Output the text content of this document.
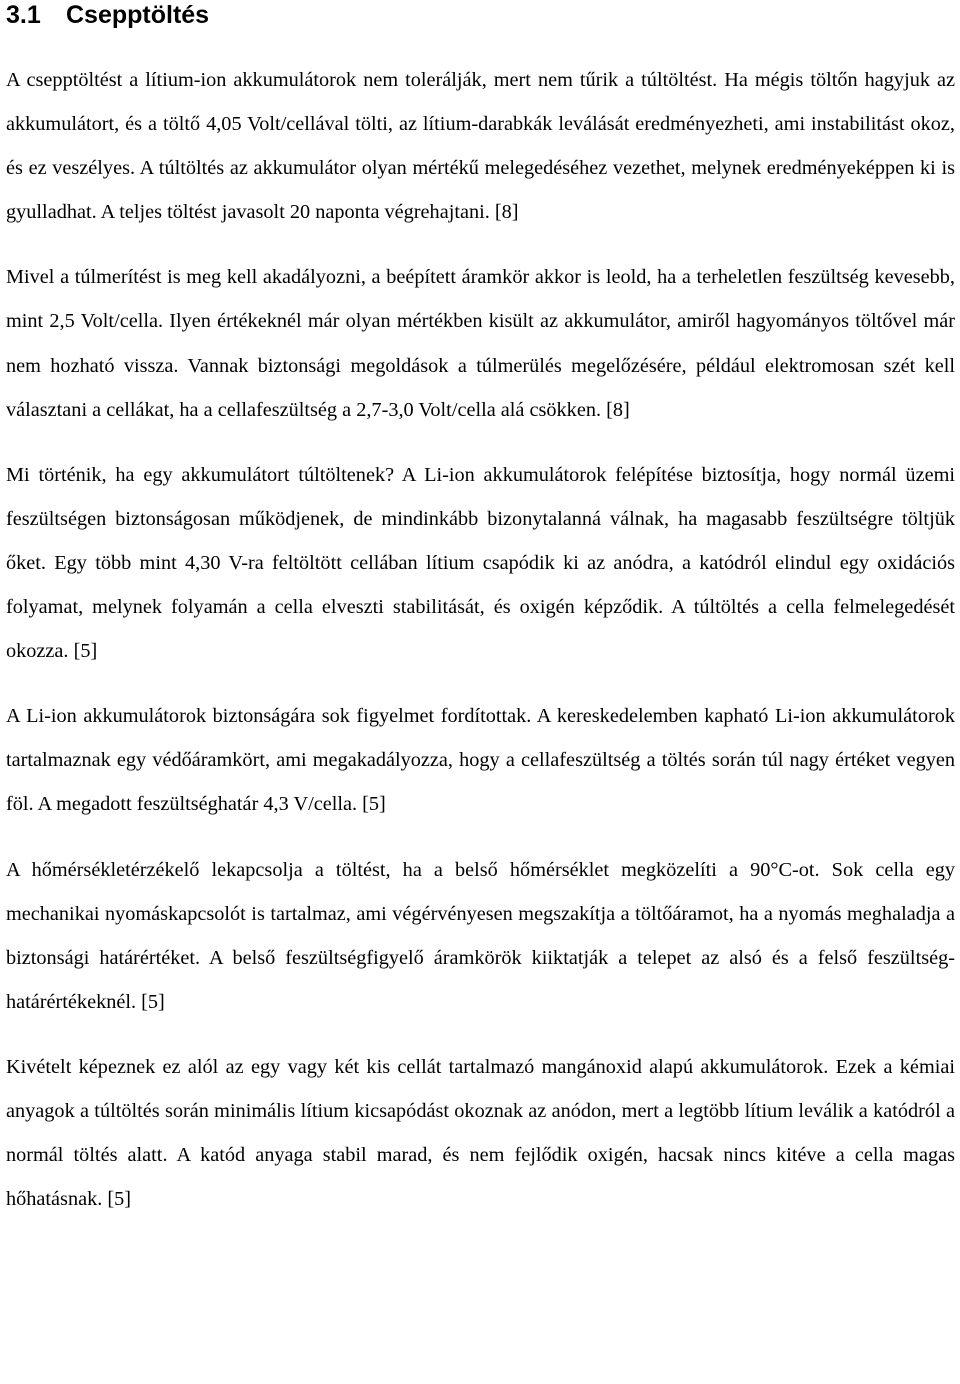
3.1	Csepptöltés

A csepptöltést a lítium-ion akkumulátorok nem tolerálják, mert nem tűrik a túltöltést. Ha mégis töltőn hagyjuk az akkumulátort, és a töltő 4,05 Volt/cellával tölti, az lítium-darabkák leválását eredményezheti, ami instabilitást okoz, és ez veszélyes. A túltöltés az akkumulátor olyan mértékű melegedéséhez vezethet, melynek eredményeképpen ki is gyulladhat. A teljes töltést javasolt 20 naponta végrehajtani. [8]

Mivel a túlmerítést is meg kell akadályozni, a beépített áramkör akkor is leold, ha a terheletlen feszültség kevesebb, mint 2,5 Volt/cella. Ilyen értékeknél már olyan mértékben kisült az akkumulátor, amiről hagyományos töltővel már nem hozható vissza. Vannak biztonsági megoldások a túlmerülés megelőzésére, például elektromosan szét kell választani a cellákat, ha a cellafeszültség a 2,7-3,0 Volt/cella alá csökken. [8]

Mi történik, ha egy akkumulátort túltöltenek? A Li-ion akkumulátorok felépítése biztosítja, hogy normál üzemi feszültségen biztonságosan működjenek, de mindinkább bizonytalanná válnak, ha magasabb feszültségre töltjük őket. Egy több mint 4,30 V-ra feltöltött cellában lítium csapódik ki az anódra, a katódról elindul egy oxidációs folyamat, melynek folyamán a cella elveszti stabilitását, és oxigén képződik. A túltöltés a cella felmelegedését okozza. [5]

A Li-ion akkumulátorok biztonságára sok figyelmet fordítottak. A kereskedelemben kapható Li-ion akkumulátorok tartalmaznak egy védőáramkört, ami megakadályozza, hogy a cellafeszültség a töltés során túl nagy értéket vegyen föl. A megadott feszültséghatár 4,3 V/cella. [5]

A hőmérsékletérzékelő lekapcsolja a töltést, ha a belső hőmérséklet megközelíti a 90°C-ot. Sok cella egy mechanikai nyomáskapcsolót is tartalmaz, ami végérvényesen megszakítja a töltőáramot, ha a nyomás meghaladja a biztonsági határértéket. A belső feszültségfigyelő áramkörök kiiktatják a telepet az alsó és a felső feszültség-határértékeknél. [5]

Kivételt képeznek ez alól az egy vagy két kis cellát tartalmazó mangánoxid alapú akkumulátorok. Ezek a kémiai anyagok a túltöltés során minimális lítium kicsapódást okoznak az anódon, mert a legtöbb lítium leválik a katódról a normál töltés alatt. A katód anyaga stabil marad, és nem fejlődik oxigén, hacsak nincs kitéve a cella magas hőhatásnak. [5]
